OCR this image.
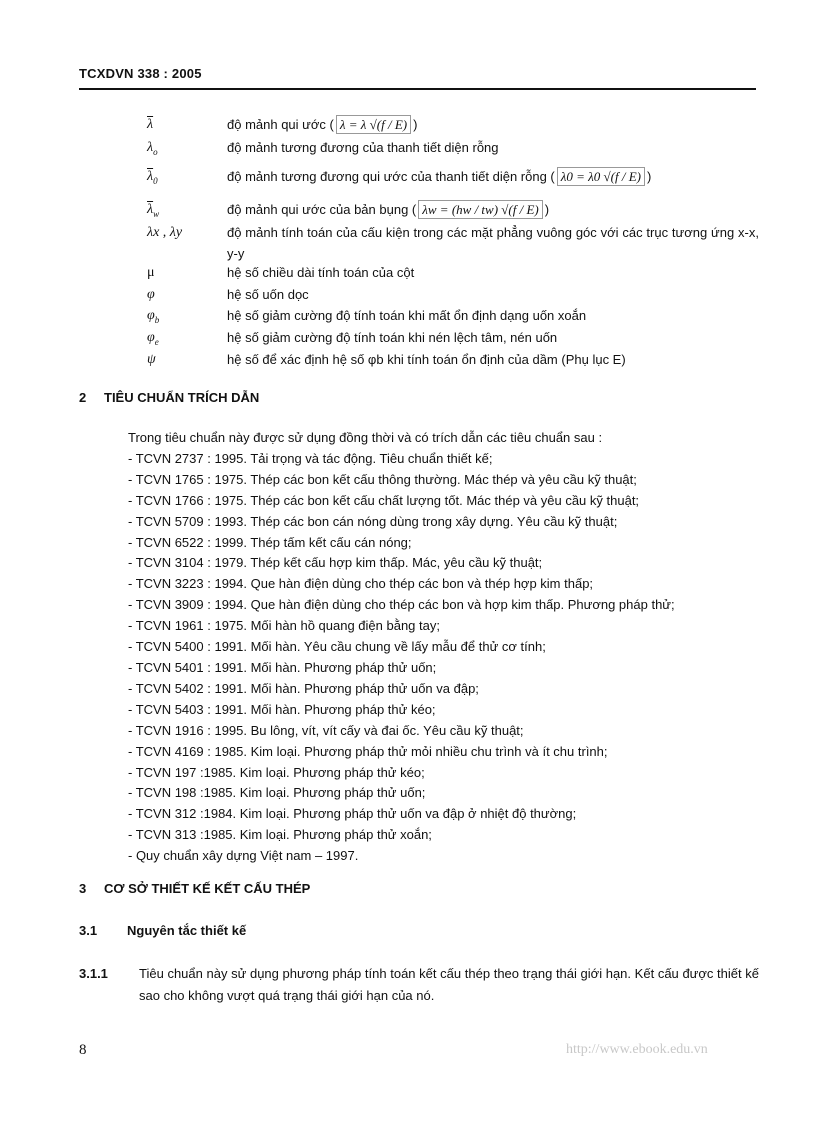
TCXDVN 338 : 2005
$\overline{\lambda}$	độ mảnh qui ước ( λ = λ √(f / E) )
$\lambda_o$	độ mảnh tương đương của thanh tiết diện rỗng
$\overline{\lambda}_0$	độ mảnh tương đương qui ước của thanh tiết diện rỗng ( λ0 = λ0 √(f / E) )
$\overline{\lambda}_w$	độ mảnh qui ước của bản bụng ( λw = (hw / tw) √(f / E) )
λx , λy	độ mảnh tính toán của cấu kiện trong các mặt phẳng vuông góc với các trục tương ứng x-x, y-y
μ	hệ số chiều dài tính toán của cột
φ	hệ số uốn dọc
$\varphi_b$	hệ số giảm cường độ tính toán khi mất ổn định dạng uốn xoắn
$\varphi_e$	hệ số giảm cường độ tính toán khi nén lệch tâm, nén uốn
ψ	hệ số để xác định hệ số φb khi tính toán ổn định của dầm (Phụ lục E)
2 TIÊU CHUẨN TRÍCH DẪN
Trong tiêu chuẩn này được sử dụng đồng thời và có trích dẫn các tiêu chuẩn sau :
- TCVN 2737 : 1995. Tải trọng và tác động. Tiêu chuẩn thiết kế;
- TCVN 1765 : 1975. Thép các bon kết cấu thông thường. Mác thép và yêu cầu kỹ thuật;
- TCVN 1766 : 1975. Thép các bon kết cấu chất lượng tốt. Mác thép và yêu cầu kỹ thuật;
- TCVN 5709 : 1993. Thép các bon cán nóng dùng trong xây dựng. Yêu cầu kỹ thuật;
- TCVN 6522 : 1999. Thép tấm kết cấu cán nóng;
- TCVN 3104 : 1979. Thép kết cấu hợp kim thấp. Mác, yêu cầu kỹ thuật;
- TCVN 3223 : 1994. Que hàn điện dùng cho thép các bon và thép hợp kim thấp;
- TCVN 3909 : 1994. Que hàn điện dùng cho thép các bon và hợp kim thấp. Phương pháp thử;
- TCVN 1961 : 1975. Mối hàn hồ quang điện bằng tay;
- TCVN 5400 : 1991. Mối hàn. Yêu cầu chung về lấy mẫu để thử cơ tính;
- TCVN 5401 : 1991. Mối hàn. Phương pháp thử uốn;
- TCVN 5402 : 1991. Mối hàn. Phương pháp thử uốn va đập;
- TCVN 5403 : 1991. Mối hàn. Phương pháp thử kéo;
- TCVN 1916 : 1995. Bu lông, vít, vít cấy và đai ốc. Yêu cầu kỹ thuật;
- TCVN 4169 : 1985. Kim loại. Phương pháp thử mỏi nhiều chu trình và ít chu trình;
- TCVN 197 :1985. Kim loại. Phương pháp thử kéo;
- TCVN 198 :1985. Kim loại. Phương pháp thử uốn;
- TCVN 312 :1984. Kim loại. Phương pháp thử uốn va đập ở nhiệt độ thường;
- TCVN 313 :1985. Kim loại. Phương pháp thử xoắn;
- Quy chuẩn xây dựng Việt nam – 1997.
3 CƠ SỞ THIẾT KẾ KẾT CẤU THÉP
3.1 Nguyên tắc thiết kế
3.1.1 Tiêu chuẩn này sử dụng phương pháp tính toán kết cấu thép theo trạng thái giới hạn. Kết cấu được thiết kế sao cho không vượt quá trạng thái giới hạn của nó.
8	http://www.ebook.edu.vn
